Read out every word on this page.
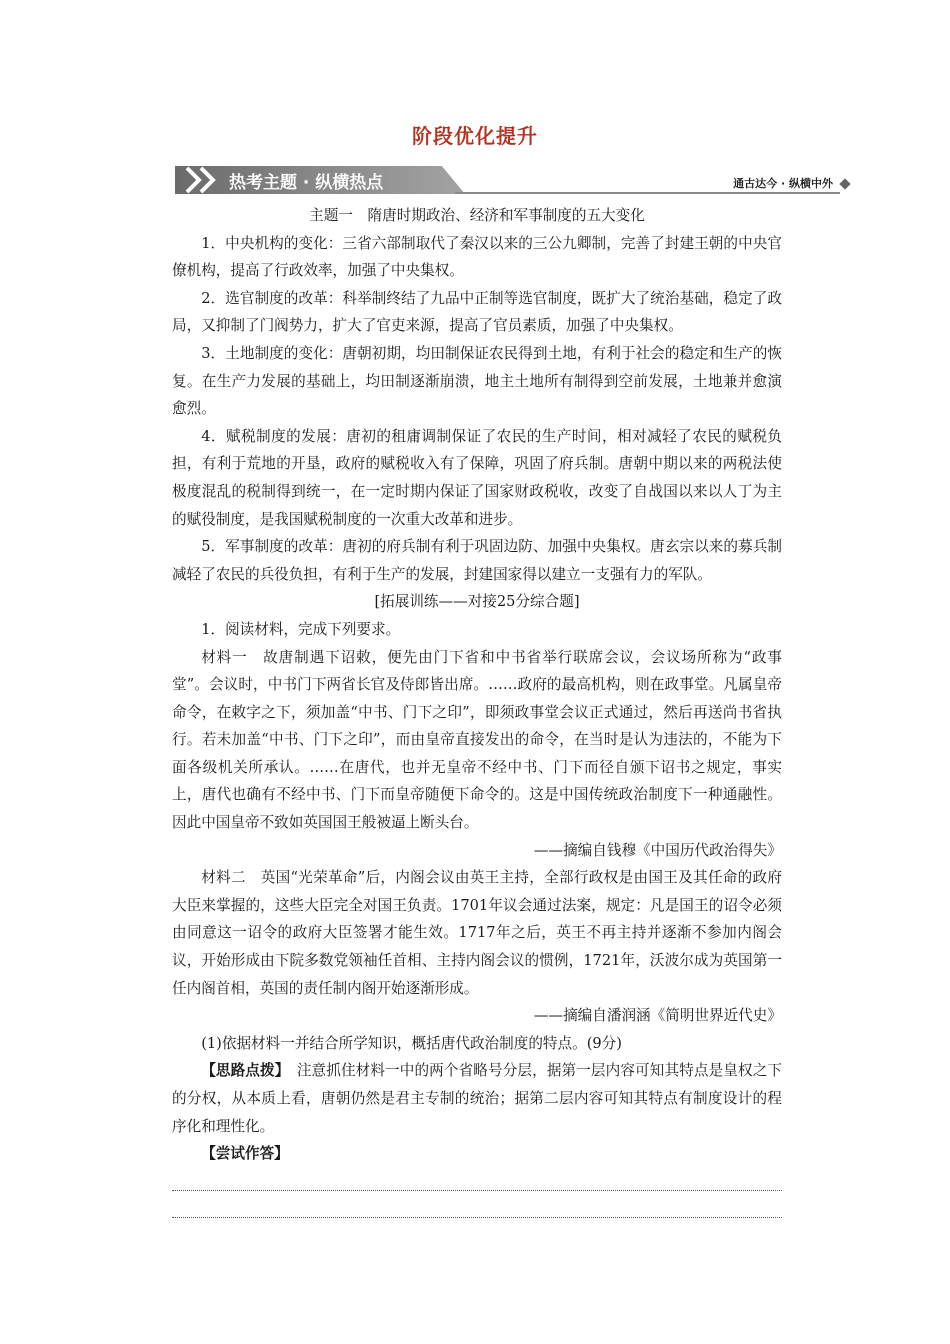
阶段优化提升
热考主题 · 纵横热点	通古达今 · 纵横中外

主题一　隋唐时期政治、经济和军事制度的五大变化

1．中央机构的变化：三省六部制取代了秦汉以来的三公九卿制，完善了封建王朝的中央官僚机构，提高了行政效率，加强了中央集权。

2．选官制度的改革：科举制终结了九品中正制等选官制度，既扩大了统治基础，稳定了政局，又抑制了门阀势力，扩大了官吏来源，提高了官员素质，加强了中央集权。

3．土地制度的变化：唐朝初期，均田制保证农民得到土地，有利于社会的稳定和生产的恢复。在生产力发展的基础上，均田制逐渐崩溃，地主土地所有制得到空前发展，土地兼并愈演愈烈。

4．赋税制度的发展：唐初的租庸调制保证了农民的生产时间，相对减轻了农民的赋税负担，有利于荒地的开垦，政府的赋税收入有了保障，巩固了府兵制。唐朝中期以来的两税法使极度混乱的税制得到统一，在一定时期内保证了国家财政税收，改变了自战国以来以人丁为主的赋役制度，是我国赋税制度的一次重大改革和进步。

5．军事制度的改革：唐初的府兵制有利于巩固边防、加强中央集权。唐玄宗以来的募兵制减轻了农民的兵役负担，有利于生产的发展，封建国家得以建立一支强有力的军队。

[拓展训练——对接25分综合题]

1．阅读材料，完成下列要求。

材料一　故唐制遇下诏敕，便先由门下省和中书省举行联席会议，会议场所称为“政事堂”。会议时，中书门下两省长官及侍郎皆出席。……政府的最高机构，则在政事堂。凡属皇帝命令，在敕字之下，须加盖“中书、门下之印”，即须政事堂会议正式通过，然后再送尚书省执行。若未加盖“中书、门下之印”，而由皇帝直接发出的命令，在当时是认为违法的，不能为下面各级机关所承认。……在唐代，也并无皇帝不经中书、门下而径自颁下诏书之规定，事实上，唐代也确有不经中书、门下而皇帝随便下命令的。这是中国传统政治制度下一种通融性。因此中国皇帝不致如英国国王般被逼上断头台。

——摘编自钱穆《中国历代政治得失》

材料二　英国“光荣革命”后，内阁会议由英王主持，全部行政权是由国王及其任命的政府大臣来掌握的，这些大臣完全对国王负责。1701年议会通过法案，规定：凡是国王的诏令必须由同意这一诏令的政府大臣签署才能生效。1717年之后，英王不再主持并逐渐不参加内阁会议，开始形成由下院多数党领袖任首相、主持内阁会议的惯例，1721年，沃波尔成为英国第一任内阁首相，英国的责任制内阁开始逐渐形成。

——摘编自潘润涵《简明世界近代史》

(1)依据材料一并结合所学知识，概括唐代政治制度的特点。(9分)

【思路点拨】　注意抓住材料一中的两个省略号分层，据第一层内容可知其特点是皇权之下的分权，从本质上看，唐朝仍然是君主专制的统治；据第二层内容可知其特点有制度设计的程序化和理性化。

【尝试作答】
